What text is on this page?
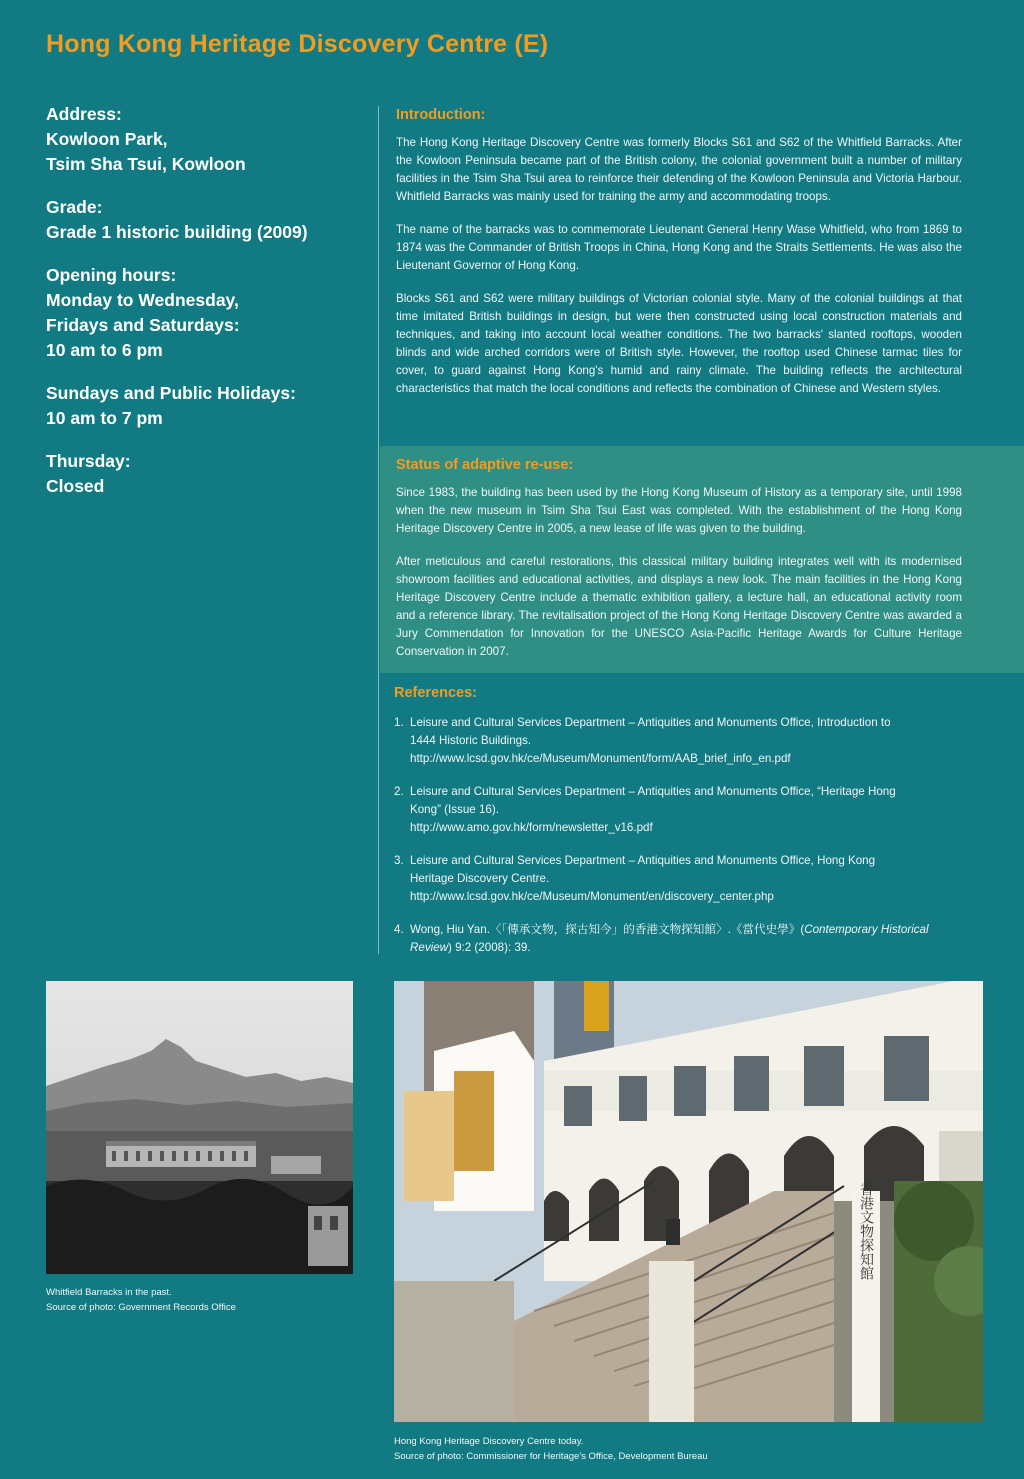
Hong Kong Heritage Discovery Centre (E)
Address:
Kowloon Park,
Tsim Sha Tsui, Kowloon
Grade:
Grade 1 historic building (2009)
Opening hours:
Monday to Wednesday,
Fridays and Saturdays:
10 am to 6 pm
Sundays and Public Holidays:
10 am to 7 pm
Thursday:
Closed
Introduction:

The Hong Kong Heritage Discovery Centre was formerly Blocks S61 and S62 of the Whitfield Barracks. After the Kowloon Peninsula became part of the British colony, the colonial government built a number of military facilities in the Tsim Sha Tsui area to reinforce their defending of the Kowloon Peninsula and Victoria Harbour. Whitfield Barracks was mainly used for training the army and accommodating troops.

The name of the barracks was to commemorate Lieutenant General Henry Wase Whitfield, who from 1869 to 1874 was the Commander of British Troops in China, Hong Kong and the Straits Settlements. He was also the Lieutenant Governor of Hong Kong.

Blocks S61 and S62 were military buildings of Victorian colonial style. Many of the colonial buildings at that time imitated British buildings in design, but were then constructed using local construction materials and techniques, and taking into account local weather conditions. The two barracks' slanted rooftops, wooden blinds and wide arched corridors were of British style. However, the rooftop used Chinese tarmac tiles for cover, to guard against Hong Kong's humid and rainy climate. The building reflects the architectural characteristics that match the local conditions and reflects the combination of Chinese and Western styles.

Status of adaptive re-use:

Since 1983, the building has been used by the Hong Kong Museum of History as a temporary site, until 1998 when the new museum in Tsim Sha Tsui East was completed. With the establishment of the Hong Kong Heritage Discovery Centre in 2005, a new lease of life was given to the building.

After meticulous and careful restorations, this classical military building integrates well with its modernised showroom facilities and educational activities, and displays a new look. The main facilities in the Hong Kong Heritage Discovery Centre include a thematic exhibition gallery, a lecture hall, an educational activity room and a reference library. The revitalisation project of the Hong Kong Heritage Discovery Centre was awarded a Jury Commendation for Innovation for the UNESCO Asia-Pacific Heritage Awards for Culture Heritage Conservation in 2007.

References:
1. Leisure and Cultural Services Department – Antiquities and Monuments Office, Introduction to
1444 Historic Buildings.
http://www.lcsd.gov.hk/ce/Museum/Monument/form/AAB_brief_info_en.pdf
2. Leisure and Cultural Services Department – Antiquities and Monuments Office, “Heritage Hong
Kong” (Issue 16).
http://www.amo.gov.hk/form/newsletter_v16.pdf
3. Leisure and Cultural Services Department – Antiquities and Monuments Office, Hong Kong
Heritage Discovery Centre.
http://www.lcsd.gov.hk/ce/Museum/Monument/en/discovery_center.php
4. Wong, Hiu Yan.〈「傳承文物，探古知今」的香港文物探知館〉.《當代史學》(Contemporary Historical
Review) 9:2 (2008): 39.
Whitfield Barracks in the past.
Source of photo: Government Records Office
香港文物探知館
Hong Kong Heritage Discovery Centre today.
Source of photo: Commissioner for Heritage's Office, Development Bureau
